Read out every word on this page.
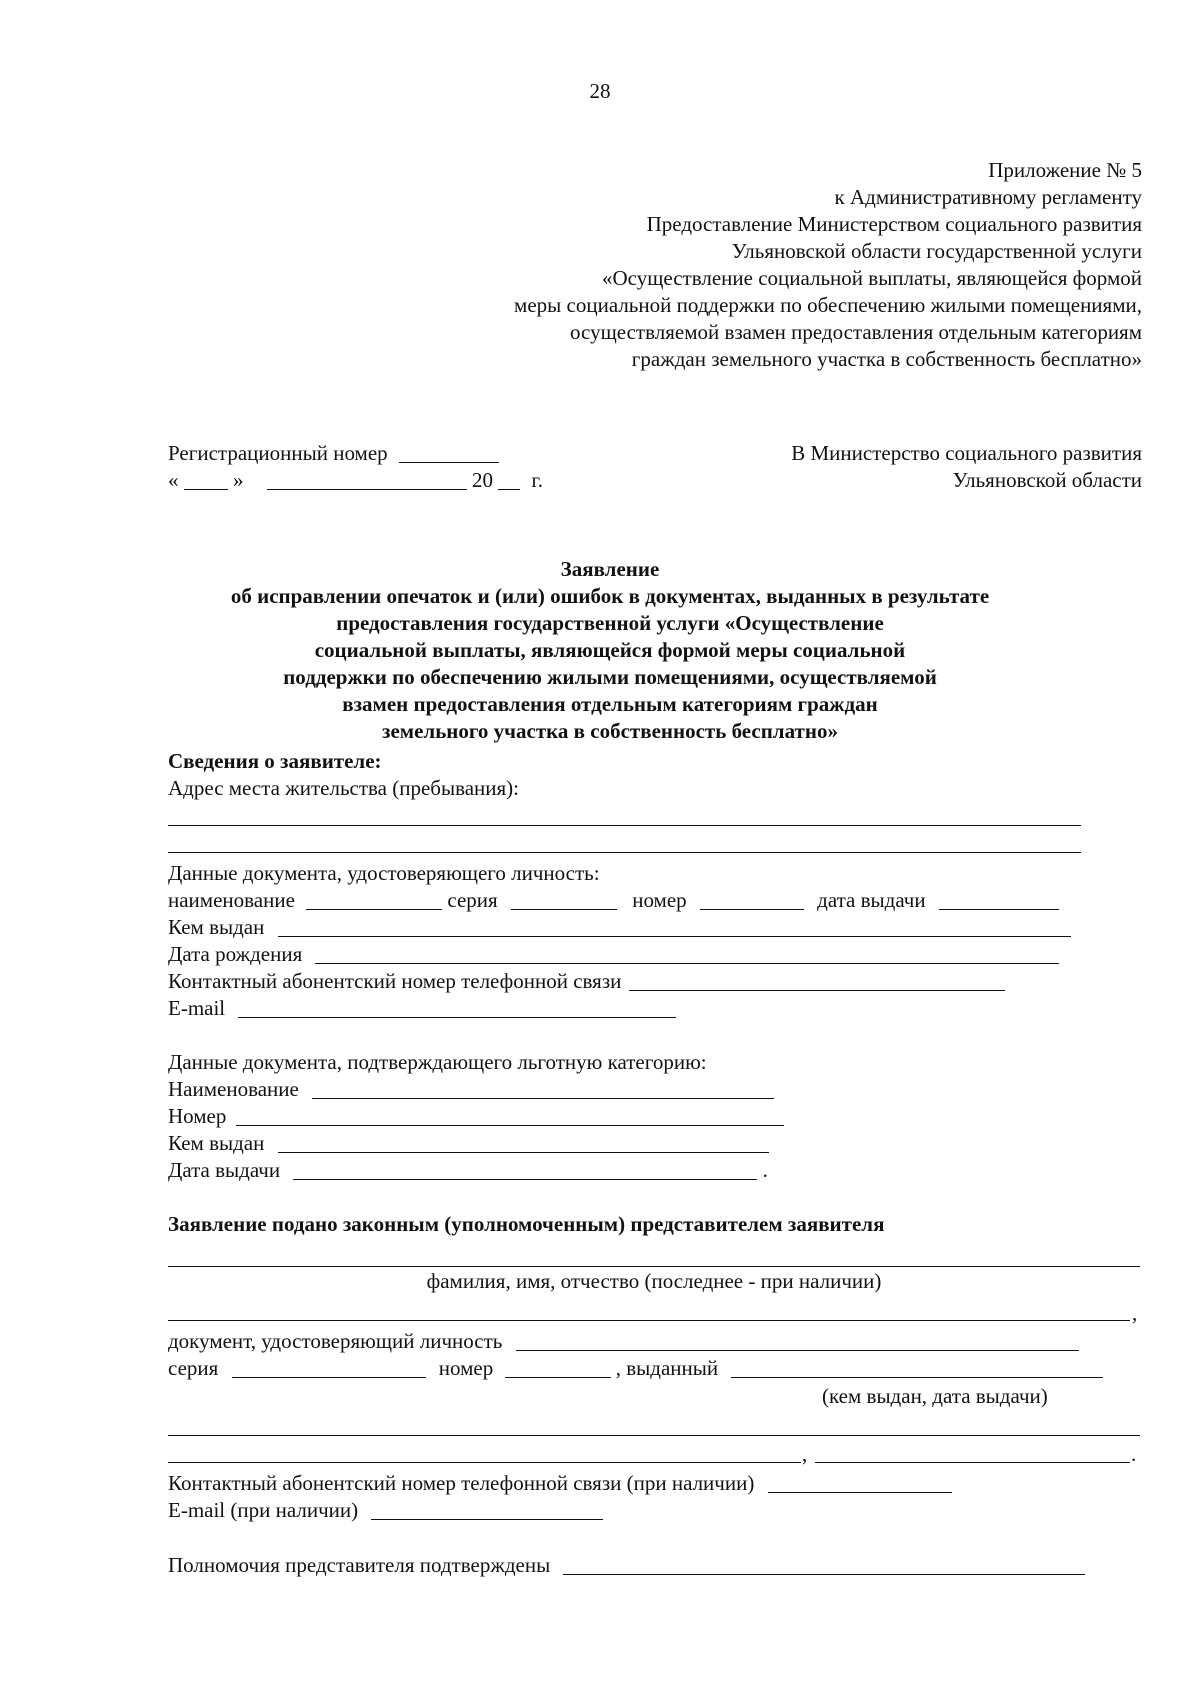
28
Приложение № 5
к Административному регламенту
Предоставление Министерством социального развития
Ульяновской области государственной услуги
«Осуществление социальной выплаты, являющейся формой
меры социальной поддержки по обеспечению жилыми помещениями,
осуществляемой взамен предоставления отдельным категориям
граждан земельного участка в собственность бесплатно»
Регистрационный номер
«	»	20 г.
В Министерство социального развития
Ульяновской области
Заявление
об исправлении опечаток и (или) ошибок в документах, выданных в результате
предоставления государственной услуги «Осуществление
социальной выплаты, являющейся формой меры социальной
поддержки по обеспечению жилыми помещениями, осуществляемой
взамен предоставления отдельным категориям граждан
земельного участка в собственность бесплатно»
Сведения о заявителе:
Адрес места жительства (пребывания):
Данные документа, удостоверяющего личность:
наименование	серия	номер	дата выдачи
Кем выдан
Дата рождения
Контактный абонентский номер телефонной связи
E-mail
Данные документа, подтверждающего льготную категорию:
Наименование
Номер
Кем выдан
Дата выдачи	.
Заявление подано законным (уполномоченным) представителем заявителя
фамилия, имя, отчество (последнее - при наличии)
,
документ, удостоверяющий личность
серия	номер	, выданный
(кем выдан, дата выдачи)
,	.
Контактный абонентский номер телефонной связи (при наличии)
E-mail (при наличии)
Полномочия представителя подтверждены
